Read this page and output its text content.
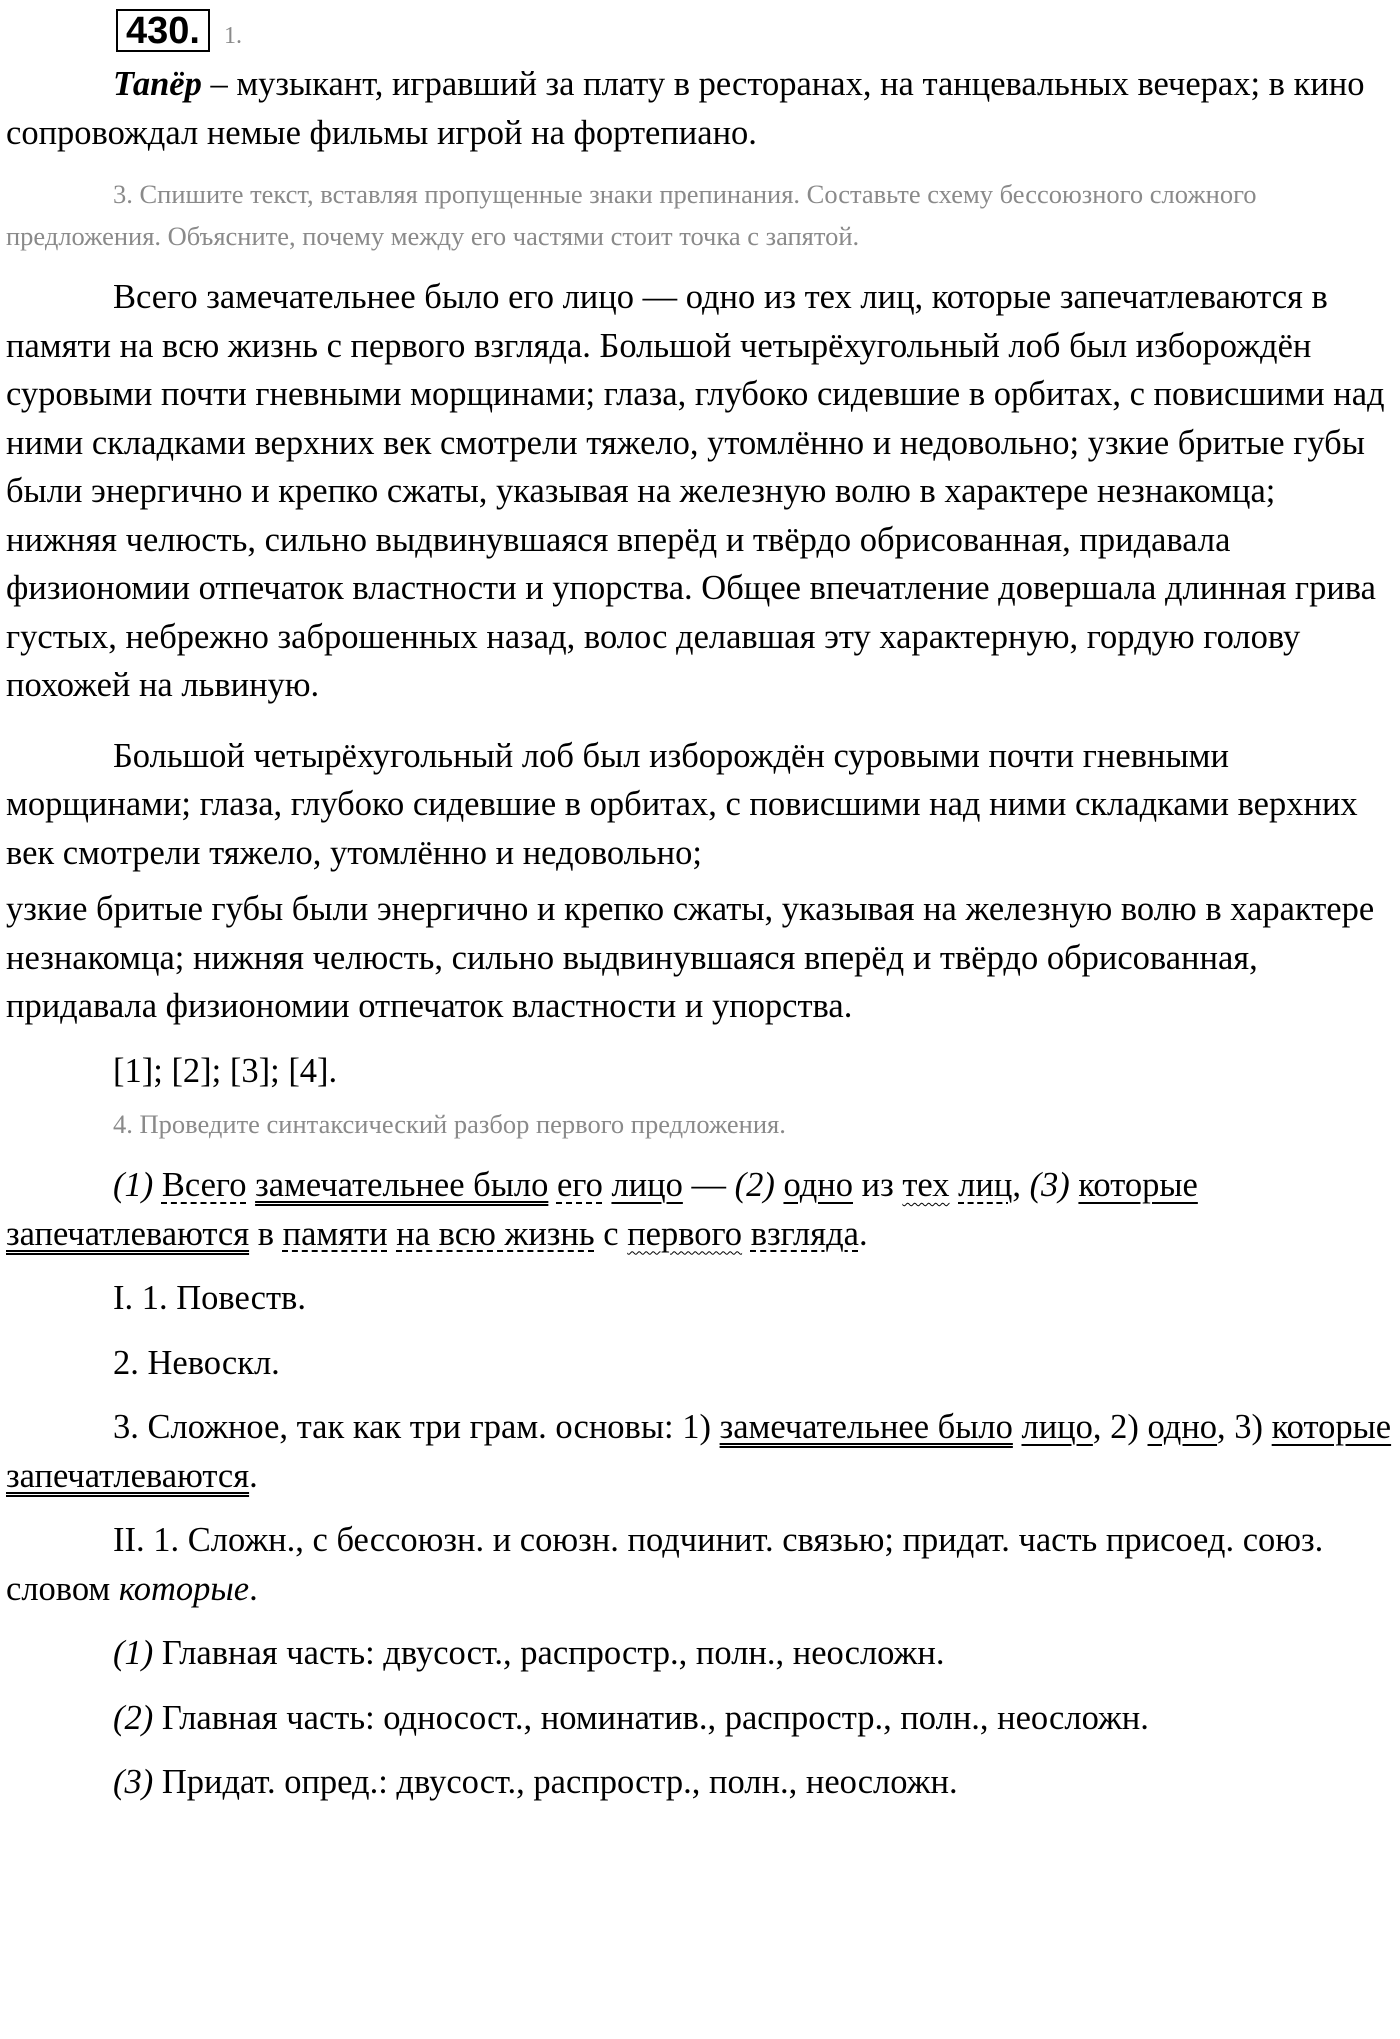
430.	1.

Тапёр – музыкант, игравший за плату в ресторанах, на танцевальных вечерах; в кино сопровождал немые фильмы игрой на фортепиано.

3. Спишите текст, вставляя пропущенные знаки препинания. Составьте схему бессоюзного сложного предложения. Объясните, почему между его частями стоит точка с запятой.

Всего замечательнее было его лицо — одно из тех лиц, которые запечатлеваются в памяти на всю жизнь с первого взгляда. Большой четырёхугольный лоб был изборождён суровыми почти гневными морщинами; глаза, глубоко сидевшие в орбитах, с повисшими над ними складками верхних век смотрели тяжело, утомлённо и недовольно; узкие бритые губы были энергично и крепко сжаты, указывая на железную волю в характере незнакомца; нижняя челюсть, сильно выдвинувшаяся вперёд и твёрдо обрисованная, придавала физиономии отпечаток властности и упорства. Общее впечатление довершала длинная грива густых, небрежно заброшенных назад, волос делавшая эту характерную, гордую голову похожей на львиную.

Большой четырёхугольный лоб был изборождён суровыми почти гневными морщинами; глаза, глубоко сидевшие в орбитах, с повисшими над ними складками верхних век смотрели тяжело, утомлённо и недовольно;

узкие бритые губы были энергично и крепко сжаты, указывая на железную волю в характере незнакомца; нижняя челюсть, сильно выдвинувшаяся вперёд и твёрдо обрисованная, придавала физиономии отпечаток властности и упорства.

[1]; [2]; [3]; [4].

4. Проведите синтаксический разбор первого предложения.

(1) Всего замечательнее было его лицо — (2) одно из тех лиц, (3) которые запечатлеваются в памяти на всю жизнь с первого взгляда.

I. 1. Повеств.

2. Невоскл.

3. Сложное, так как три грам. основы: 1) замечательнее было лицо, 2) одно, 3) которые запечатлеваются.

II. 1. Сложн., с бессоюзн. и союзн. подчинит. связью; придат. часть присоед. союз. словом которые.

(1) Главная часть: двусост., распростр., полн., неосложн.

(2) Главная часть: односост., номинатив., распростр., полн., неосложн.

(3) Придат. опред.: двусост., распростр., полн., неосложн.
